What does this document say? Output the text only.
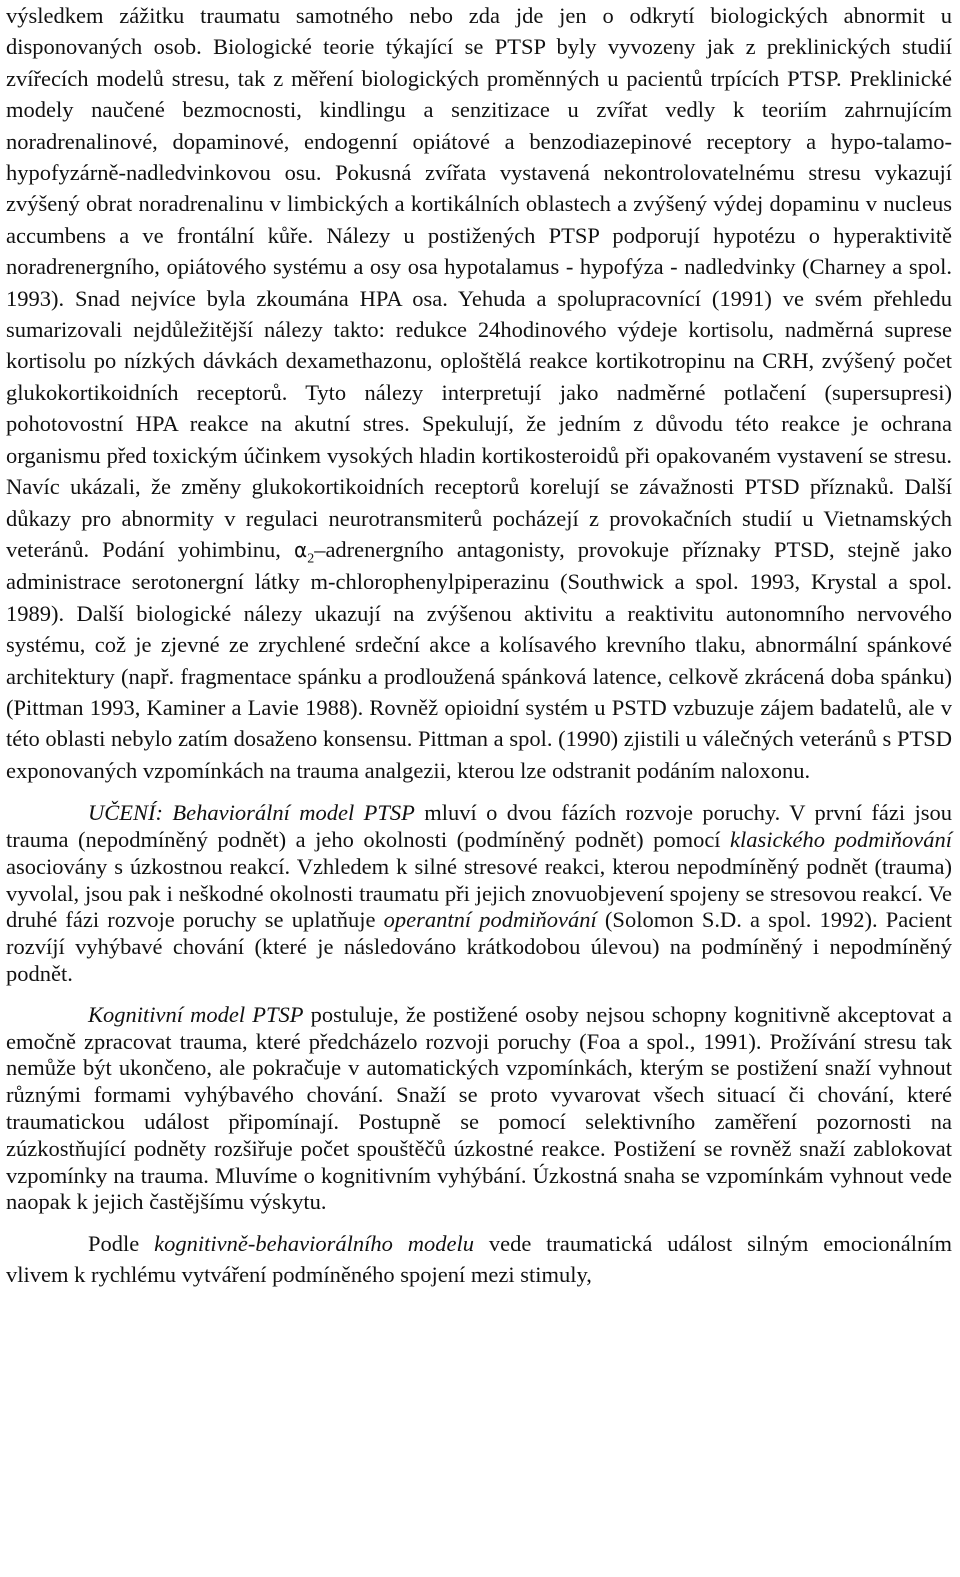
výsledkem zážitku traumatu samotného nebo zda jde jen o odkrytí biologických abnormit u disponovaných osob. Biologické teorie týkající se PTSP byly vyvozeny jak z preklinických studií zvířecích modelů stresu, tak z měření biologických proměnných u pacientů trpících PTSP. Preklinické modely naučené bezmocnosti, kindlingu a senzitizace u zvířat vedly k teoriím zahrnujícím noradrenalinové, dopaminové, endogenní opiátové a benzodiazepinové receptory a hypo-talamo-hypofyzárně-nadledvinkovou osu. Pokusná zvířata vystavená nekontrolovatelnému stresu vykazují zvýšený obrat noradrenalinu v limbických a kortikálních oblastech a zvýšený výdej dopaminu v nucleus accumbens a ve frontální kůře. Nálezy u postižených PTSP podporují hypotézu o hyperaktivitě noradrenergního, opiátového systému a osy osa hypotalamus - hypofýza - nadledvinky (Charney a spol. 1993). Snad nejvíce byla zkoumána HPA osa. Yehuda a spolupracovnící (1991) ve svém přehledu sumarizovali nejdůležitější nálezy takto: redukce 24hodinového výdeje kortisolu, nadměrná suprese kortisolu po nízkých dávkách dexamethazonu, oploštělá reakce kortikotropinu na CRH, zvýšený počet glukokortikoidních receptorů. Tyto nálezy interpretují jako nadměrné potlačení (supersupresi) pohotovostní HPA reakce na akutní stres. Spekulují, že jedním z důvodu této reakce je ochrana organismu před toxickým účinkem vysokých hladin kortikosteroidů při opakovaném vystavení se stresu. Navíc ukázali, že změny glukokortikoidních receptorů korelují se závažnosti PTSD příznaků. Další důkazy pro abnormity v regulaci neurotransmiterů pocházejí z provokačních studií u Vietnamských veteránů. Podání yohimbinu, $\alpha_2$–adrenergního antagonisty, provokuje příznaky PTSD, stejně jako administrace serotonergní látky m-chlorophenylpiperazinu (Southwick a spol. 1993, Krystal a spol. 1989). Další biologické nálezy ukazují na zvýšenou aktivitu a reaktivitu autonomního nervového systému, což je zjevné ze zrychlené srdeční akce a kolísavého krevního tlaku, abnormální spánkové architektury (např. fragmentace spánku a prodloužená spánková latence, celkově zkrácená doba spánku) (Pittman 1993, Kaminer a Lavie 1988). Rovněž opioidní systém u PSTD vzbuzuje zájem badatelů, ale v této oblasti nebylo zatím dosaženo konsensu. Pittman a spol. (1990) zjistili u válečných veteránů s PTSD exponovaných vzpomínkách na trauma analgezii, kterou lze odstranit podáním naloxonu.

UČENÍ: Behaviorální model PTSP mluví o dvou fázích rozvoje poruchy. V první fázi jsou trauma (nepodmíněný podnět) a jeho okolnosti (podmíněný podnět) pomocí klasického podmiňování asociovány s úzkostnou reakcí. Vzhledem k silné stresové reakci, kterou nepodmíněný podnět (trauma) vyvolal, jsou pak i neškodné okolnosti traumatu při jejich znovuobjevení spojeny se stresovou reakcí. Ve druhé fázi rozvoje poruchy se uplatňuje operantní podmiňování (Solomon S.D. a spol. 1992). Pacient rozvíjí vyhýbavé chování (které je následováno krátkodobou úlevou) na podmíněný i nepodmíněný podnět.

Kognitivní model PTSP postuluje, že postižené osoby nejsou schopny kognitivně akceptovat a emočně zpracovat trauma, které předcházelo rozvoji poruchy (Foa a spol., 1991). Prožívání stresu tak nemůže být ukončeno, ale pokračuje v automatických vzpomínkách, kterým se postižení snaží vyhnout různými formami vyhýbavého chování. Snaží se proto vyvarovat všech situací či chování, které traumatickou událost připomínají. Postupně se pomocí selektivního zaměření pozornosti na zúzkostňující podněty rozšiřuje počet spouštěčů úzkostné reakce. Postižení se rovněž snaží zablokovat vzpomínky na trauma. Mluvíme o kognitivním vyhýbání. Úzkostná snaha se vzpomínkám vyhnout vede naopak k jejich častějšímu výskytu.

Podle kognitivně-behaviorálního modelu vede traumatická událost silným emocionálním vlivem k rychlému vytváření podmíněného spojení mezi stimuly,
